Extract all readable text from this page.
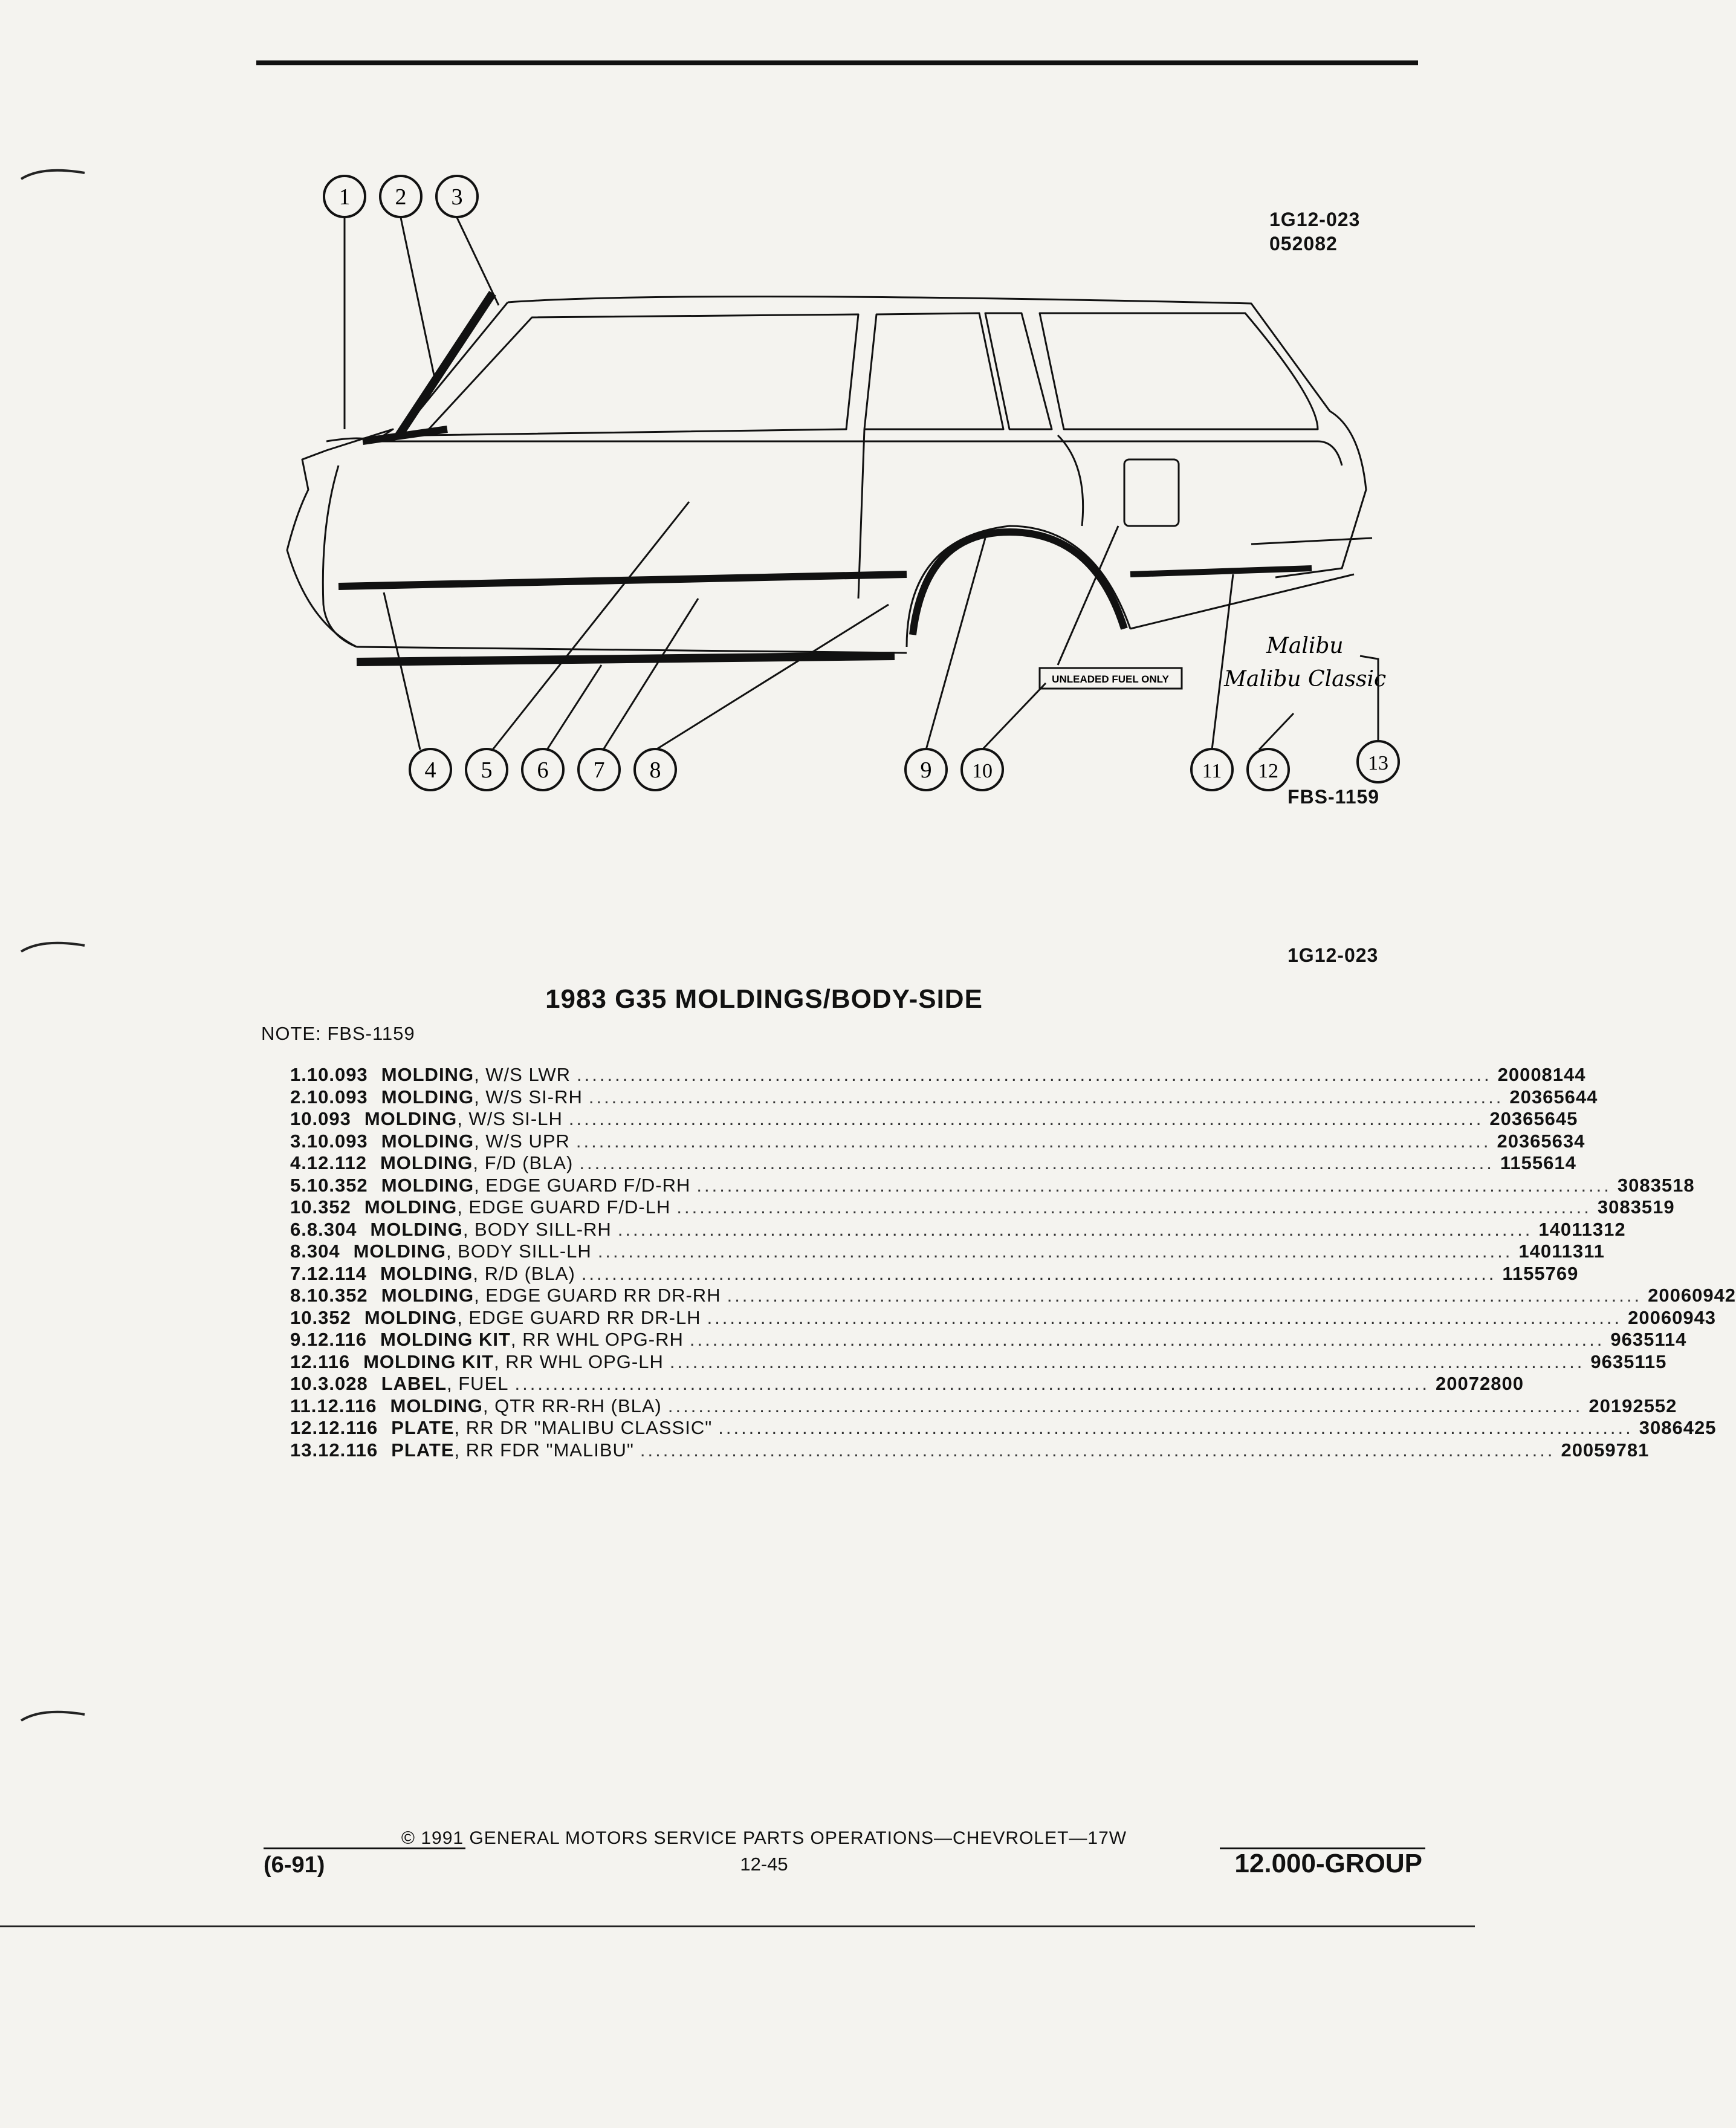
UNLEADED FUEL ONLY
Malibu
Malibu Classic
1 2 3
4 5 6 7 8	9 10	11 12	13
1G12-023
052082
FBS-1159
1G12-023
1983 G35 MOLDINGS/BODY-SIDE
NOTE: FBS-1159
1. 10.093 MOLDING , W/S LWR ........................................................................................................................ 20008144
2. 10.093 MOLDING , W/S SI-RH ........................................................................................................................ 20365644
10.093 MOLDING , W/S SI-LH ........................................................................................................................ 20365645
3. 10.093 MOLDING , W/S UPR ........................................................................................................................ 20365634
4. 12.112 MOLDING , F/D (BLA) ........................................................................................................................ 1155614
5. 10.352 MOLDING , EDGE GUARD F/D-RH ........................................................................................................................ 3083518
10.352 MOLDING , EDGE GUARD F/D-LH ........................................................................................................................ 3083519
6. 8.304 MOLDING , BODY SILL-RH ........................................................................................................................ 14011312
8.304 MOLDING , BODY SILL-LH ........................................................................................................................ 14011311
7. 12.114 MOLDING , R/D (BLA) ........................................................................................................................ 1155769
8. 10.352 MOLDING , EDGE GUARD RR DR-RH ........................................................................................................................ 20060942
10.352 MOLDING , EDGE GUARD RR DR-LH ........................................................................................................................ 20060943
9. 12.116 MOLDING KIT , RR WHL OPG-RH ........................................................................................................................ 9635114
12.116 MOLDING KIT , RR WHL OPG-LH ........................................................................................................................ 9635115
10. 3.028 LABEL , FUEL ........................................................................................................................ 20072800
11. 12.116 MOLDING , QTR RR-RH (BLA) ........................................................................................................................ 20192552
12. 12.116 PLATE , RR DR "MALIBU CLASSIC" ........................................................................................................................ 3086425
13. 12.116 PLATE , RR FDR "MALIBU" ........................................................................................................................ 20059781
© 1991 GENERAL MOTORS SERVICE PARTS OPERATIONS—CHEVROLET—17W
(6-91)	12-45	12.000-GROUP
